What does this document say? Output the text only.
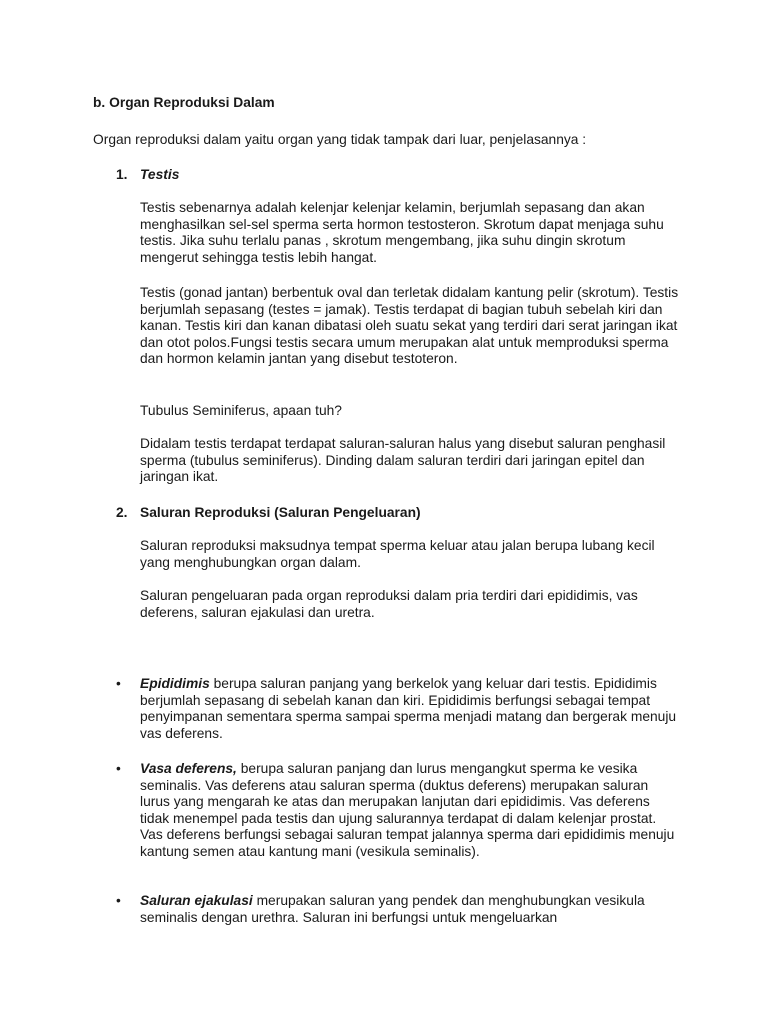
b. Organ Reproduksi Dalam

Organ reproduksi dalam yaitu organ yang tidak tampak dari luar, penjelasannya :

1. Testis

Testis sebenarnya adalah kelenjar kelenjar kelamin, berjumlah sepasang dan akan menghasilkan sel-sel sperma serta hormon testosteron. Skrotum dapat menjaga suhu testis. Jika suhu terlalu panas , skrotum mengembang, jika suhu dingin skrotum mengerut sehingga testis lebih hangat.

Testis (gonad jantan) berbentuk oval dan terletak didalam kantung pelir (skrotum). Testis berjumlah sepasang (testes = jamak). Testis terdapat di bagian tubuh sebelah kiri dan kanan. Testis kiri dan kanan dibatasi oleh suatu sekat yang terdiri dari serat jaringan ikat dan otot polos.Fungsi testis secara umum merupakan alat untuk memproduksi sperma dan hormon kelamin jantan yang disebut testoteron.

Tubulus Seminiferus, apaan tuh?

Didalam testis terdapat terdapat saluran-saluran halus yang disebut saluran penghasil sperma (tubulus seminiferus). Dinding dalam saluran terdiri dari jaringan epitel dan jaringan ikat.

2. Saluran Reproduksi (Saluran Pengeluaran)

Saluran reproduksi maksudnya tempat sperma keluar atau jalan berupa lubang kecil yang menghubungkan organ dalam.

Saluran pengeluaran pada organ reproduksi dalam pria terdiri dari epididimis, vas deferens, saluran ejakulasi dan uretra.

• Epididimis berupa saluran panjang yang berkelok yang keluar dari testis. Epididimis berjumlah sepasang di sebelah kanan dan kiri. Epididimis berfungsi sebagai tempat penyimpanan sementara sperma sampai sperma menjadi matang dan bergerak menuju vas deferens.

• Vasa deferens, berupa saluran panjang dan lurus mengangkut sperma ke vesika seminalis. Vas deferens atau saluran sperma (duktus deferens) merupakan saluran lurus yang mengarah ke atas dan merupakan lanjutan dari epididimis. Vas deferens tidak menempel pada testis dan ujung salurannya terdapat di dalam kelenjar prostat. Vas deferens berfungsi sebagai saluran tempat jalannya sperma dari epididimis menuju kantung semen atau kantung mani (vesikula seminalis).

• Saluran ejakulasi merupakan saluran yang pendek dan menghubungkan vesikula seminalis dengan urethra. Saluran ini berfungsi untuk mengeluarkan
